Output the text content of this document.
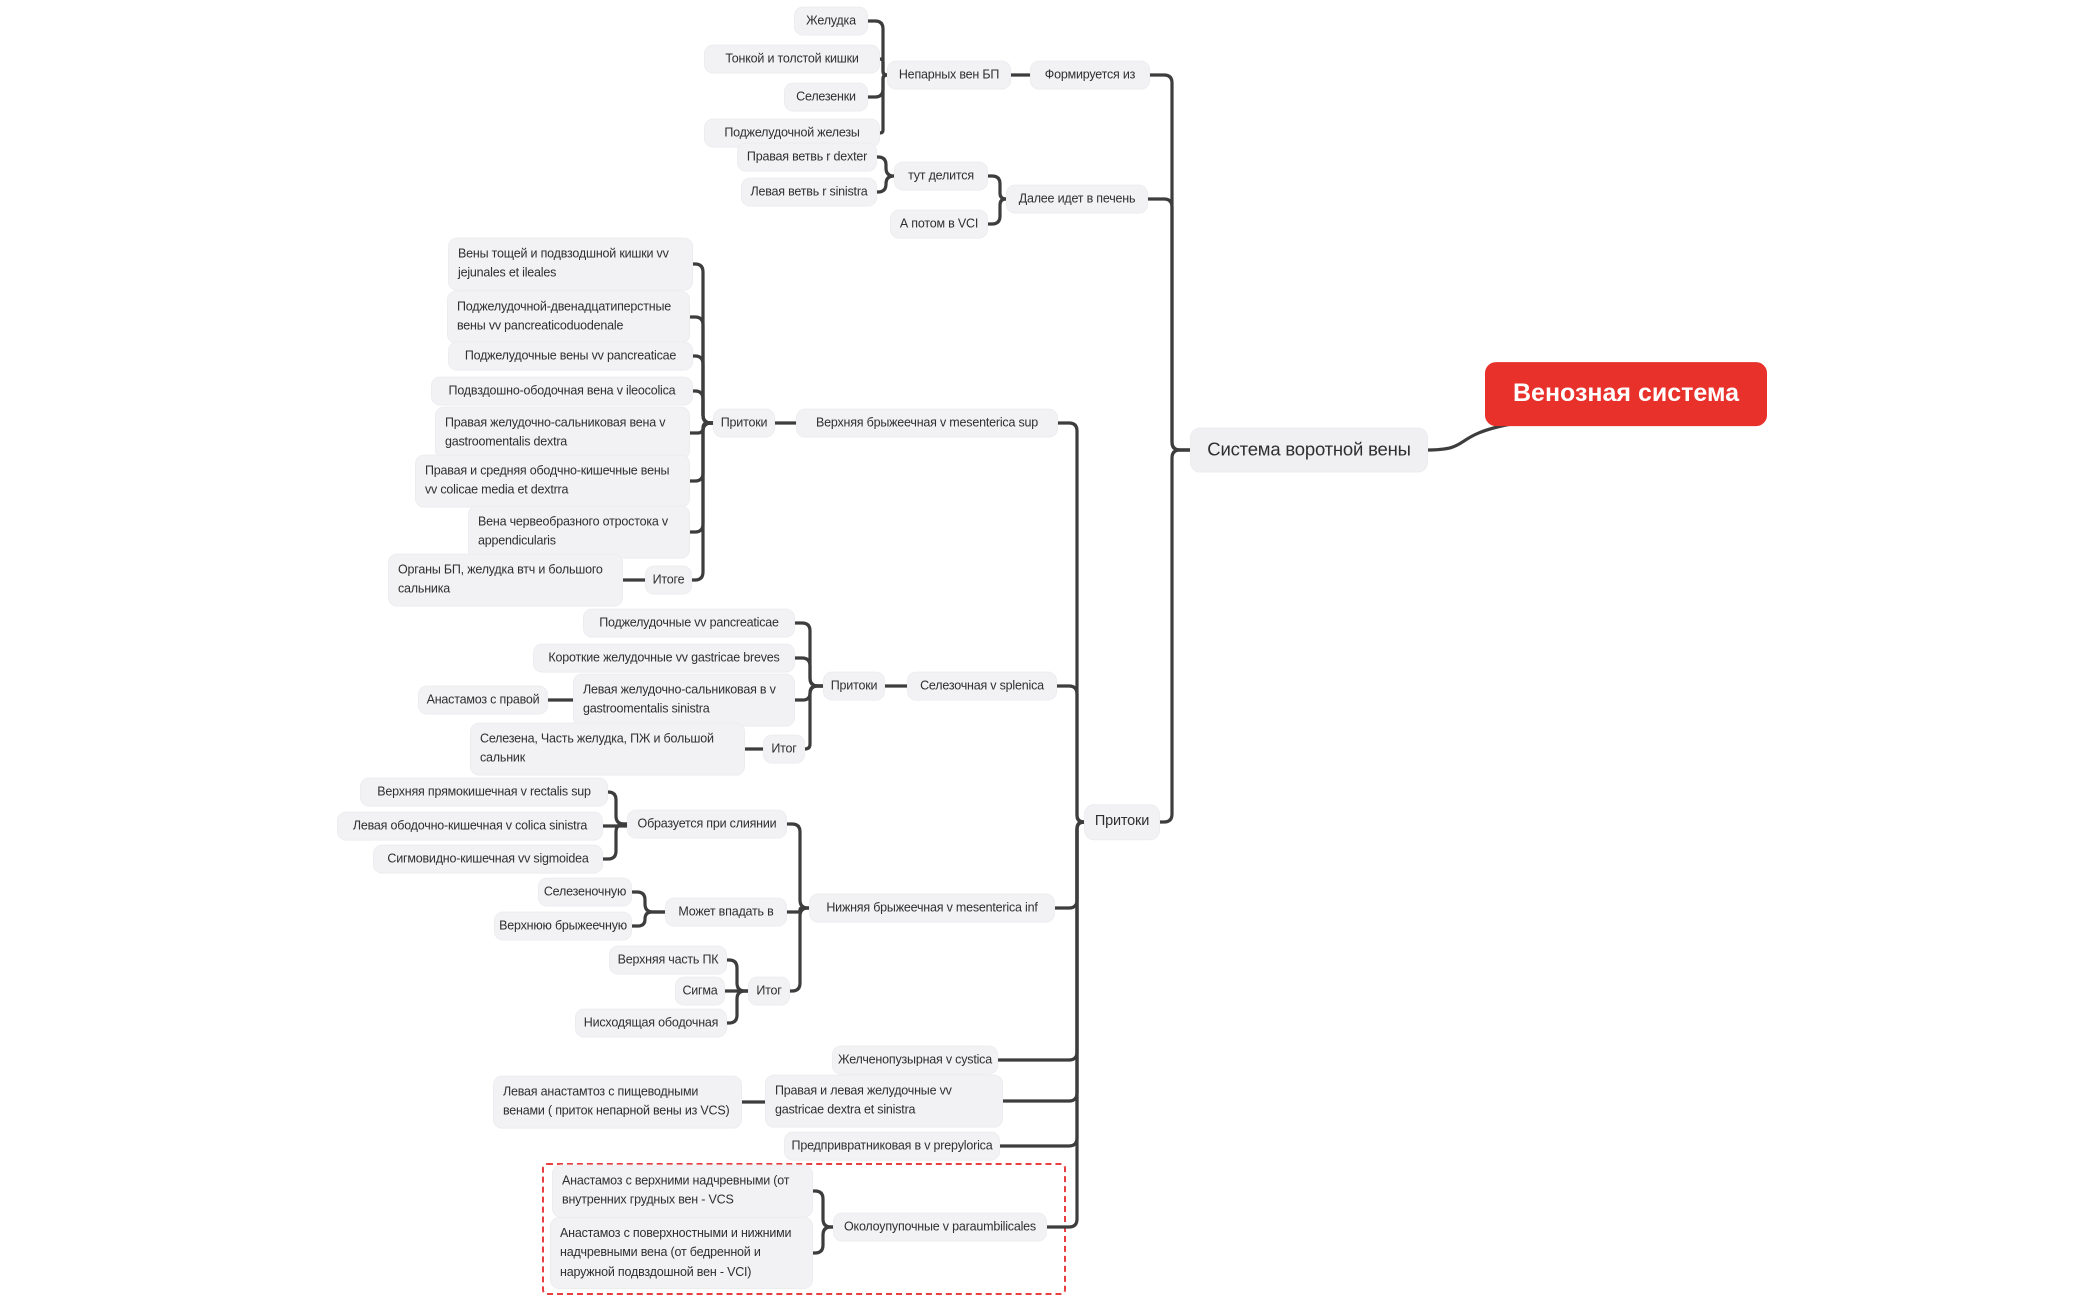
Венозная система
Система воротной вены
Формируется из
Непарных вен БП
Желудка
Тонкой и толстой кишки
Селезенки
Поджелудочной железы
Далее идет в печень
тут делится
А потом в VCI
Правая ветвь r dexter
Левая ветвь r sinistra
Притоки
Верхняя брыжеечная v mesenterica sup
Притоки
Вены тощей и подвзодшной кишки vv jejunales et ileales
Поджелудочной-двенадцатиперстные вены vv pancreaticoduodenale
Поджелудочные вены vv pancreaticae
Подвздошно-ободочная вена v ileocolica
Правая желудочно-сальниковая вена v gastroomentalis dextra
Правая и средняя ободчно-кишечные вены vv colicae media et dextrra
Вена червеобразного отростока v appendicularis
Итоге
Органы БП, желудка втч и большого сальника
Селезочная v splenica
Притоки
Поджелудочные vv pancreaticae
Короткие желудочные vv gastricae breves
Левая желудочно-сальниковая в v gastroomentalis sinistra
Анастамоз с правой
Итог
Селезена, Часть желудка, ПЖ и большой сальник
Нижняя брыжеечная v mesenterica inf
Образуется при слиянии
Верхняя прямокишечная v rectalis sup
Левая ободочно-кишечная v colica sinistra
Сигмовидно-кишечная vv sigmoidea
Может впадать в
Селезеночную
Верхнюю брыжеечную
Итог
Верхняя часть ПК
Сигма
Нисходящая ободочная
Желченопузырная v cystica
Правая и левая желудочные vv gastricae dextra et sinistra
Левая анастамтоз с пищеводными венами ( приток непарной вены из VCS)
Предпривратниковая в v prepylorica
Околоупупочные v paraumbilicales
Анастамоз с верхними надчревными (от внутренних грудных вен - VCS
Анастамоз с поверхностными и нижними надчревными вена (от бедренной и наружной подвздошной вен - VCI)
